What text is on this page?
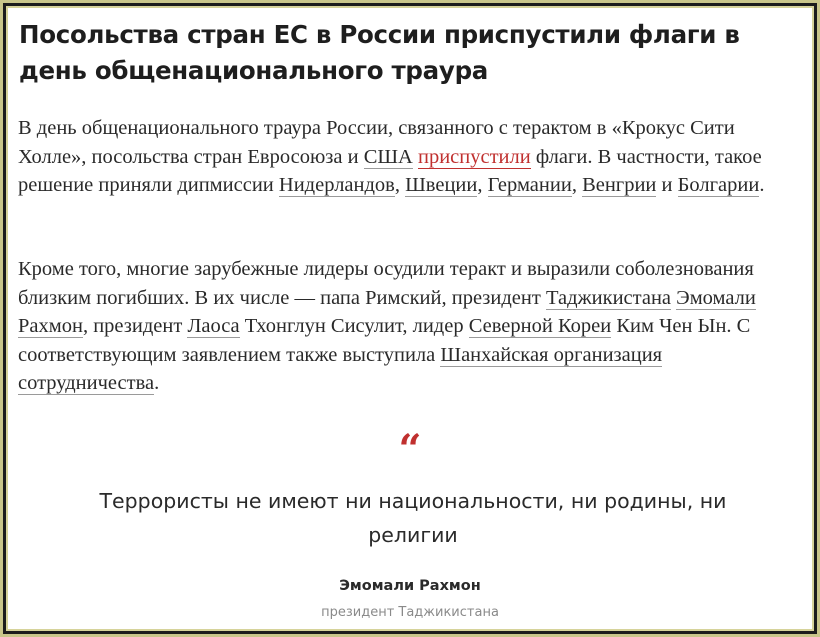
Посольства стран ЕС в России приспустили флаги в день общенационального траура

В день общенационального траура России, связанного с терактом в «Крокус Сити Холле», посольства стран Евросоюза и США приспустили флаги. В частности, такое решение приняли дипмиссии Нидерландов, Швеции, Германии, Венгрии и Болгарии.

Кроме того, многие зарубежные лидеры осудили теракт и выразили соболезнования близким погибших. В их числе — папа Римский, президент Таджикистана Эмомали Рахмон, президент Лаоса Тхонглун Сисулит, лидер Северной Кореи Ким Чен Ын. С соответствующим заявлением также выступила Шанхайская организация сотрудничества.

“

Террористы не имеют ни национальности, ни родины, ни религии

Эмомали Рахмон
президент Таджикистана
